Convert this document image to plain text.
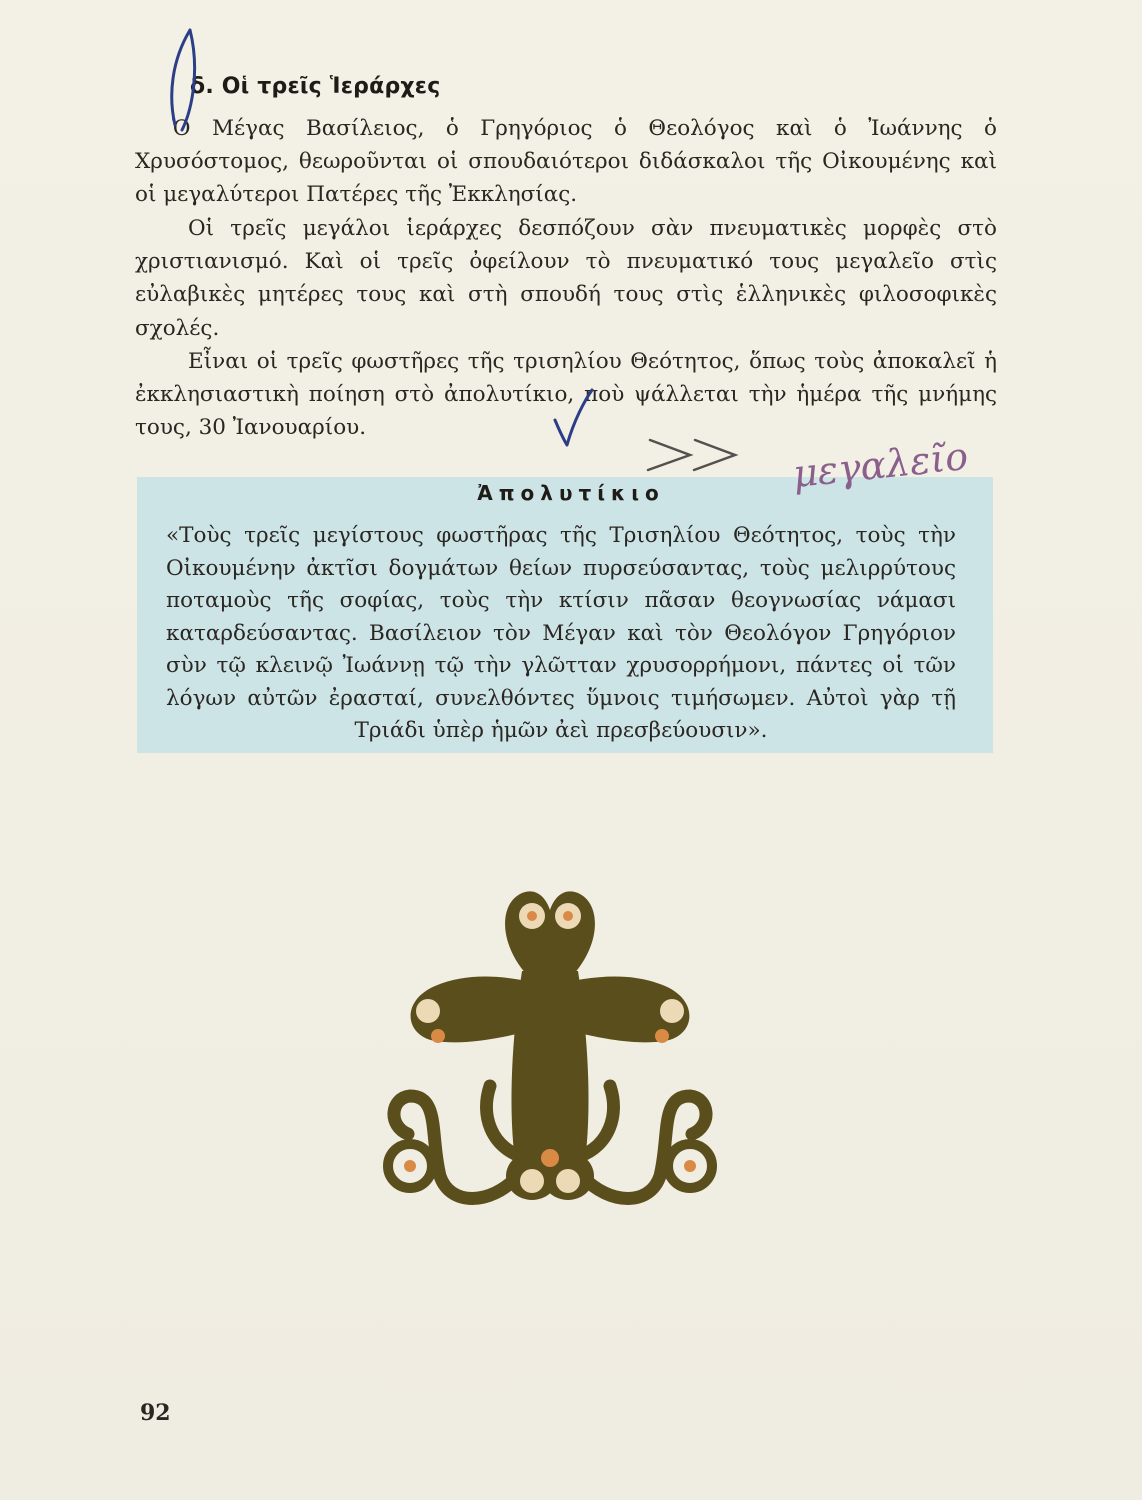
δ. Οἱ τρεῖς Ἱεράρχες

Ὁ Μέγας Βασίλειος, ὁ Γρηγόριος ὁ Θεολόγος καὶ ὁ Ἰωάννης ὁ Χρυσόστομος, θεωροῦνται οἱ σπουδαιότεροι διδάσκαλοι τῆς Οἰκουμένης καὶ οἱ μεγαλύτεροι Πατέρες τῆς Ἐκκλησίας.

Οἱ τρεῖς μεγάλοι ἱεράρχες δεσπόζουν σὰν πνευματικὲς μορφὲς στὸ χριστιανισμό. Καὶ οἱ τρεῖς ὀφείλουν τὸ πνευματικό τους μεγαλεῖο στὶς εὐλαβικὲς μητέρες τους καὶ στὴ σπουδή τους στὶς ἑλληνικὲς φιλοσοφικὲς σχολές.

Εἶναι οἱ τρεῖς φωστῆρες τῆς τρισηλίου Θεότητος, ὅπως τοὺς ἀποκαλεῖ ἡ ἐκκλησιαστικὴ ποίηση στὸ ἀπολυτίκιο, ποὺ ψάλλεται τὴν ἡμέρα τῆς μνήμης τους, 30 Ἰανουαρίου.

Ἀπολυτίκιο

«Τοὺς τρεῖς μεγίστους φωστῆρας τῆς Τρισηλίου Θεότητος, τοὺς τὴν Οἰκουμένην ἀκτῖσι δογμάτων θείων πυρσεύσαντας, τοὺς μελιρρύτους ποταμοὺς τῆς σοφίας, τοὺς τὴν κτίσιν πᾶσαν θεογνωσίας νάμασι καταρδεύσαντας. Βασίλειον τὸν Μέγαν καὶ τὸν Θεολόγον Γρηγόριον σὺν τῷ κλεινῷ Ἰωάννῃ τῷ τὴν γλῶτταν χρυσορρήμονι, πάντες οἱ τῶν λόγων αὐτῶν ἐρασταί, συνελθόντες ὕμνοις τιμήσωμεν. Αὐτοὶ γὰρ τῇ Τριάδι ὑπὲρ ἡμῶν ἀεὶ πρεσβεύουσιν».

μεγαλεῖο
92
